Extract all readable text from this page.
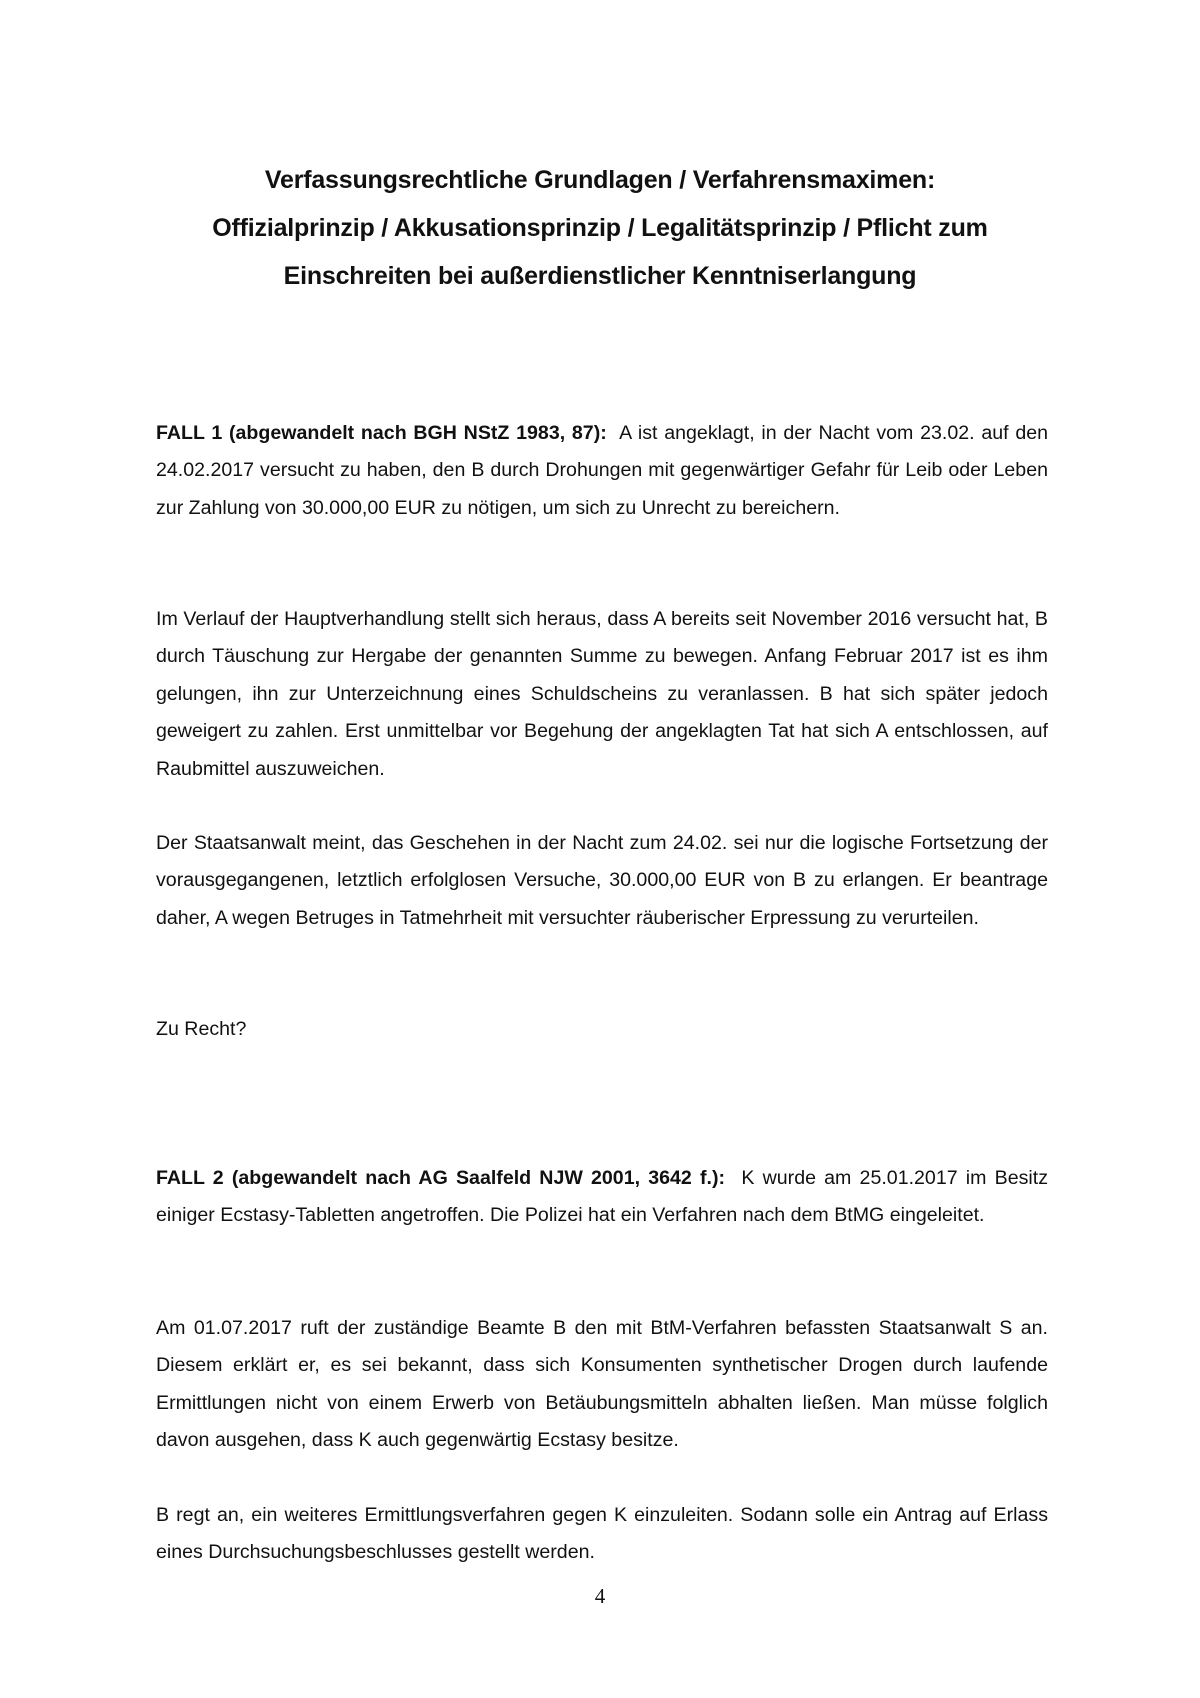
Verfassungsrechtliche Grundlagen / Verfahrensmaximen:
Offizialprinzip / Akkusationsprinzip / Legalitätsprinzip / Pflicht zum
Einschreiten bei außerdienstlicher Kenntniserlangung

FALL 1 (abgewandelt nach BGH NStZ 1983, 87): A ist angeklagt, in der Nacht vom 23.02. auf den 24.02.2017 versucht zu haben, den B durch Drohungen mit gegenwärtiger Gefahr für Leib oder Leben zur Zahlung von 30.000,00 EUR zu nötigen, um sich zu Unrecht zu bereichern.

Im Verlauf der Hauptverhandlung stellt sich heraus, dass A bereits seit November 2016 versucht hat, B durch Täuschung zur Hergabe der genannten Summe zu bewegen. Anfang Februar 2017 ist es ihm gelungen, ihn zur Unterzeichnung eines Schuldscheins zu veranlassen. B hat sich später jedoch geweigert zu zahlen. Erst unmittelbar vor Begehung der angeklagten Tat hat sich A entschlossen, auf Raubmittel auszuweichen.

Der Staatsanwalt meint, das Geschehen in der Nacht zum 24.02. sei nur die logische Fortsetzung der vorausgegangenen, letztlich erfolglosen Versuche, 30.000,00 EUR von B zu erlangen. Er beantrage daher, A wegen Betruges in Tatmehrheit mit versuchter räuberischer Erpressung zu verurteilen.

Zu Recht?

FALL 2 (abgewandelt nach AG Saalfeld NJW 2001, 3642 f.): K wurde am 25.01.2017 im Besitz einiger Ecstasy-Tabletten angetroffen. Die Polizei hat ein Verfahren nach dem BtMG eingeleitet.

Am 01.07.2017 ruft der zuständige Beamte B den mit BtM-Verfahren befassten Staatsanwalt S an. Diesem erklärt er, es sei bekannt, dass sich Konsumenten synthetischer Drogen durch laufende Ermittlungen nicht von einem Erwerb von Betäubungsmitteln abhalten ließen. Man müsse folglich davon ausgehen, dass K auch gegenwärtig Ecstasy besitze.

B regt an, ein weiteres Ermittlungsverfahren gegen K einzuleiten. Sodann solle ein Antrag auf Erlass eines Durchsuchungsbeschlusses gestellt werden.

4
